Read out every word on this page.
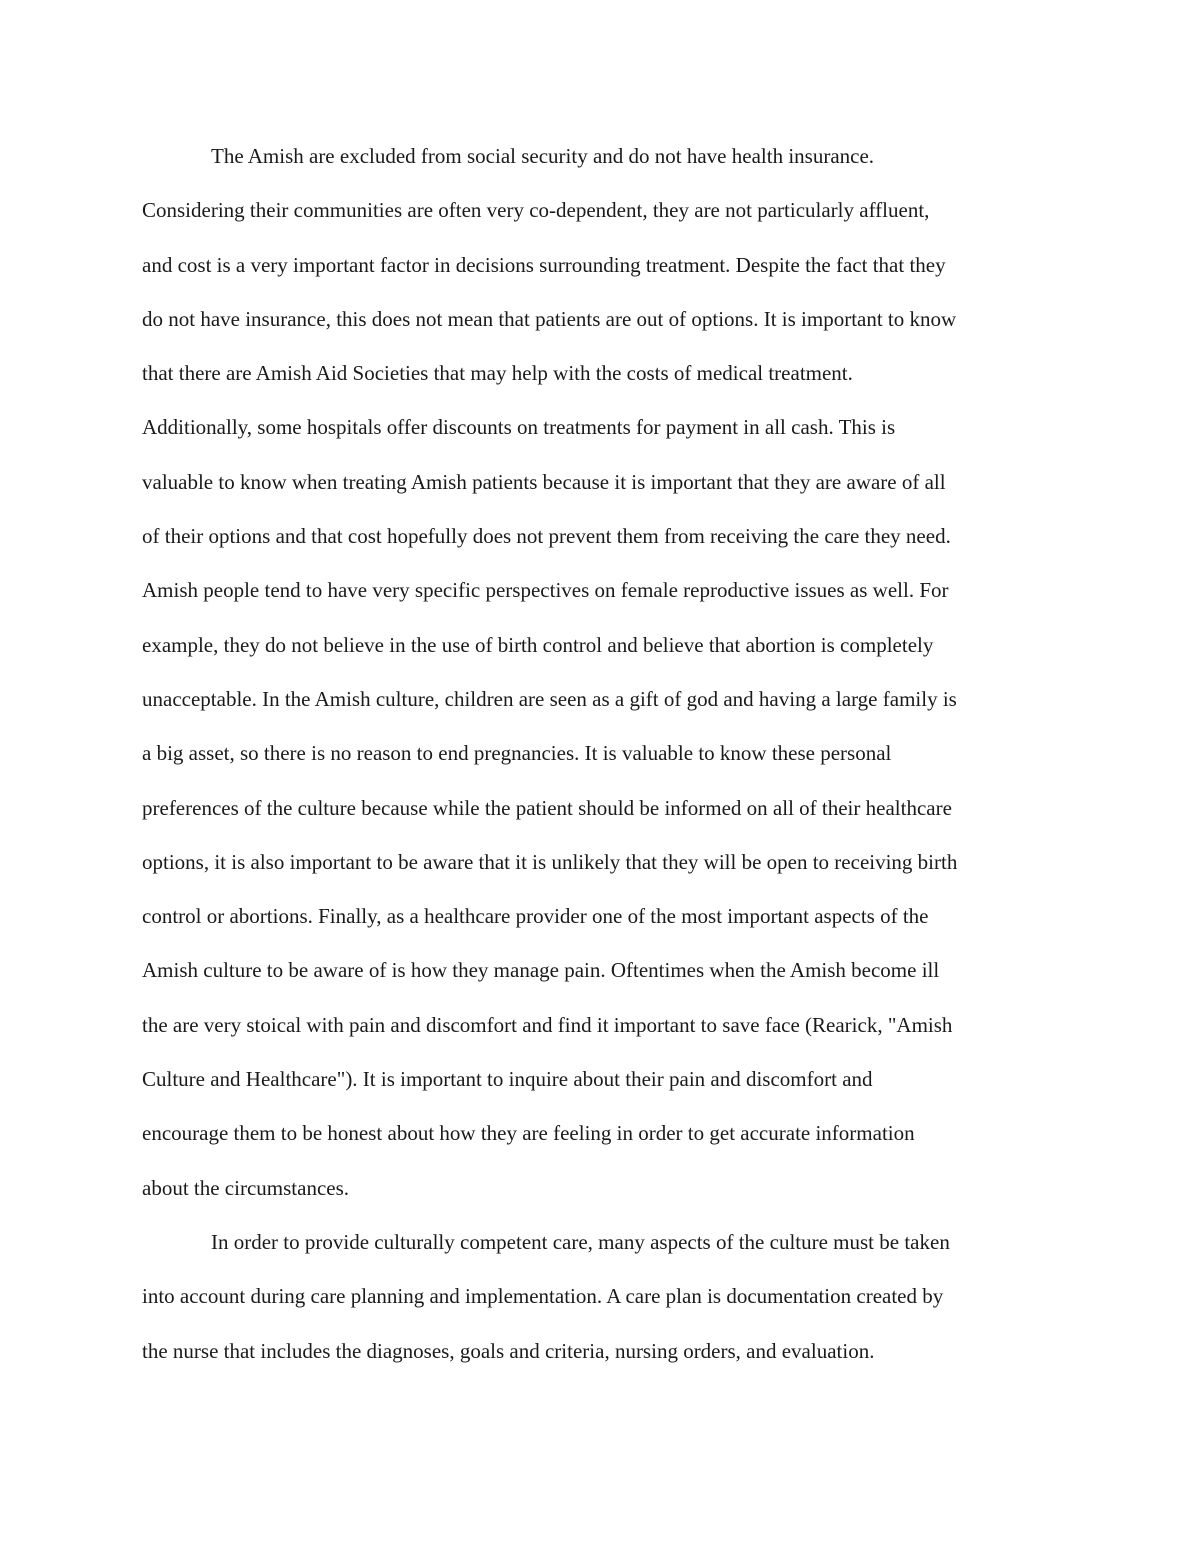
The Amish are excluded from social security and do not have health insurance.
Considering their communities are often very co-dependent, they are not particularly affluent,
and cost is a very important factor in decisions surrounding treatment. Despite the fact that they
do not have insurance, this does not mean that patients are out of options. It is important to know
that there are Amish Aid Societies that may help with the costs of medical treatment.
Additionally, some hospitals offer discounts on treatments for payment in all cash. This is
valuable to know when treating Amish patients because it is important that they are aware of all
of their options and that cost hopefully does not prevent them from receiving the care they need.
Amish people tend to have very specific perspectives on female reproductive issues as well. For
example, they do not believe in the use of birth control and believe that abortion is completely
unacceptable. In the Amish culture, children are seen as a gift of god and having a large family is
a big asset, so there is no reason to end pregnancies. It is valuable to know these personal
preferences of the culture because while the patient should be informed on all of their healthcare
options, it is also important to be aware that it is unlikely that they will be open to receiving birth
control or abortions. Finally, as a healthcare provider one of the most important aspects of the
Amish culture to be aware of is how they manage pain. Oftentimes when the Amish become ill
the are very stoical with pain and discomfort and find it important to save face (Rearick, "Amish
Culture and Healthcare"). It is important to inquire about their pain and discomfort and
encourage them to be honest about how they are feeling in order to get accurate information
about the circumstances.
In order to provide culturally competent care, many aspects of the culture must be taken
into account during care planning and implementation. A care plan is documentation created by
the nurse that includes the diagnoses, goals and criteria, nursing orders, and evaluation.
